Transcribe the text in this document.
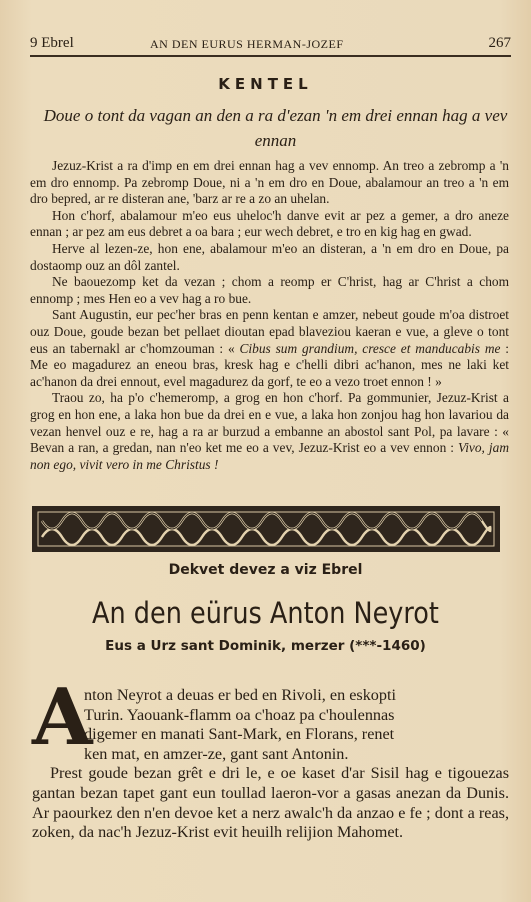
9 Ebrel	AN DEN EURUS HERMAN-JOZEF	267
KENTEL
Doue o tont da vagan an den a ra d'ezan 'n em drei ennan hag a vev ennan

Jezuz-Krist a ra d'imp en em drei ennan hag a vev ennomp. An treo a zebromp a 'n em dro ennomp. Pa zebromp Doue, ni a 'n em dro en Doue, abalamour an treo a 'n em dro bepred, ar re disteran ane, 'barz ar re a zo an uhelan.

Hon c'horf, abalamour m'eo eus uheloc'h danve evit ar pez a gemer, a dro aneze ennan ; ar pez am eus debret a oa bara ; eur wech debret, e tro en kig hag en gwad.

Herve al lezen-ze, hon ene, abalamour m'eo an disteran, a 'n em dro en Doue, pa dostaomp ouz an dôl zantel.

Ne baouezomp ket da vezan ; chom a reomp er C'hrist, hag ar C'hrist a chom ennomp ; mes Hen eo a vev hag a ro bue.

Sant Augustin, eur pec'her bras en penn kentan e amzer, nebeut goude m'oa distroet ouz Doue, goude bezan bet pellaet dioutan epad blaveziou kaeran e vue, a gleve o tont eus an tabernakl ar c'homzouman : « Cibus sum grandium, cresce et manducabis me : Me eo magadurez an eneou bras, kresk hag e c'helli dibri ac'hanon, mes ne laki ket ac'hanon da drei ennout, evel magadurez da gorf, te eo a vezo troet ennon ! »

Traou zo, ha p'o c'hemeromp, a grog en hon c'horf. Pa gommunier, Jezuz-Krist a grog en hon ene, a laka hon bue da drei en e vue, a laka hon zonjou hag hon lavariou da vezan henvel ouz e re, hag a ra ar burzud a embanne an abostol sant Pol, pa lavare : « Bevan a ran, a gredan, nan n'eo ket me eo a vev, Jezuz-Krist eo a vev ennon : Vivo, jam non ego, vivit vero in me Christus !

Dekvet devez a viz Ebrel
An den eürus Anton Neyrot
Eus a Urz sant Dominik, merzer (***-1460)
A
nton Neyrot a deuas er bed en Rivoli, en eskopti
Turin. Yaouank-flamm oa c'hoaz pa c'houlennas
digemer en manati Sant-Mark, en Florans, renet
ken mat, en amzer-ze, gant sant Antonin.

Prest goude bezan grêt e dri le, e oe kaset d'ar Sisil hag e tigouezas gantan bezan tapet gant eun toullad laeron-vor a gasas anezan da Dunis. Ar paourkez den n'en devoe ket a nerz awalc'h da anzao e fe ; dont a reas, zoken, da nac'h Jezuz-Krist evit heuilh relijion Mahomet.
